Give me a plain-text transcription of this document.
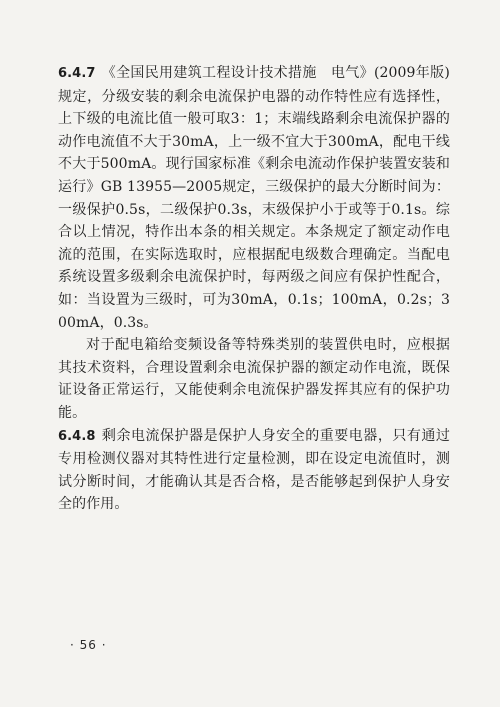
6.4.7 《全国民用建筑工程设计技术措施　电气》(2009年版)规定，分级安装的剩余电流保护电器的动作特性应有选择性，上下级的电流比值一般可取3：1；末端线路剩余电流保护器的动作电流值不大于30mA，上一级不宜大于300mA，配电干线不大于500mA。现行国家标准《剩余电流动作保护装置安装和运行》GB 13955—2005规定，三级保护的最大分断时间为：一级保护0.5s，二级保护0.3s，末级保护小于或等于0.1s。综合以上情况，特作出本条的相关规定。本条规定了额定动作电流的范围，在实际选取时，应根据配电级数合理确定。当配电系统设置多级剩余电流保护时，每两级之间应有保护性配合，如：当设置为三级时，可为30mA，0.1s；100mA，0.2s；300mA，0.3s。

对于配电箱给变频设备等特殊类别的装置供电时，应根据其技术资料，合理设置剩余电流保护器的额定动作电流，既保证设备正常运行，又能使剩余电流保护器发挥其应有的保护功能。

6.4.8 剩余电流保护器是保护人身安全的重要电器，只有通过专用检测仪器对其特性进行定量检测，即在设定电流值时，测试分断时间，才能确认其是否合格，是否能够起到保护人身安全的作用。

· 56 ·
